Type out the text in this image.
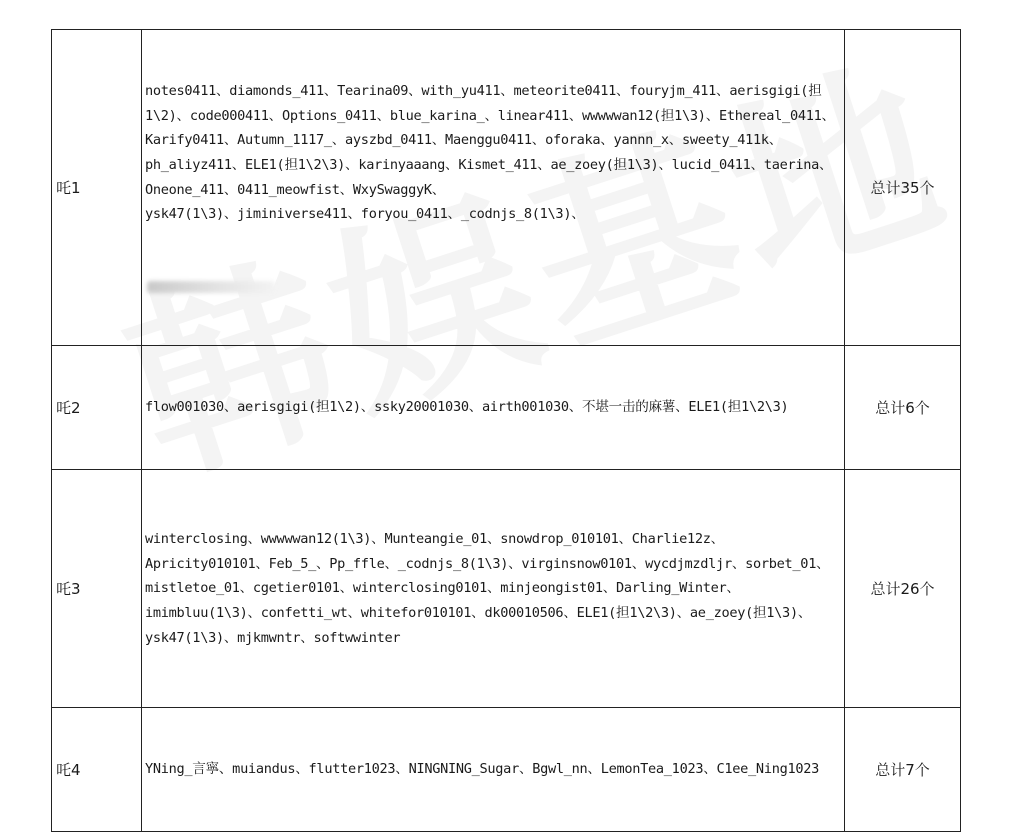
吒1	notes0411、diamonds_411、Tearina09、with_yu411、meteorite0411、fouryjm_411、aerisgigi(担1\2)、code000411、Options_0411、blue_karina_、linear411、wwwwwan12(担1\3)、Ethereal_0411、Karify0411、Autumn_1117_、ayszbd_0411、Maenggu0411、oforaka、yannn_x、sweety_411k、ph_aliyz411、ELE1(担1\2\3)、karinyaaang、Kismet_411、ae_zoey(担1\3)、lucid_0411、taerina、Oneone_411、0411_meowfist、WxySwaggyK、
ysk47(1\3)、jiminiverse411、foryou_0411、_codnjs_8(1\3)、	总计35个
吒2	flow001030、aerisgigi(担1\2)、ssky20001030、airth001030、不堪一击的麻薯、ELE1(担1\2\3)	总计6个
吒3	winterclosing、wwwwwan12(1\3)、Munteangie_01、snowdrop_010101、Charlie12z、Apricity010101、Feb_5_、Pp_ffle、_codnjs_8(1\3)、virginsnow0101、wycdjmzdljr、sorbet_01、mistletoe_01、cgetier0101、winterclosing0101、minjeongist01、Darling_Winter、imimbluu(1\3)、confetti_wt、whitefor010101、dk00010506、ELE1(担1\2\3)、ae_zoey(担1\3)、ysk47(1\3)、mjkmwntr、softwwinter	总计26个
吒4	YNing_言寧、muiandus、flutter1023、NINGNING_Sugar、Bgwl_nn、LemonTea_1023、C1ee_Ning1023	总计7个
